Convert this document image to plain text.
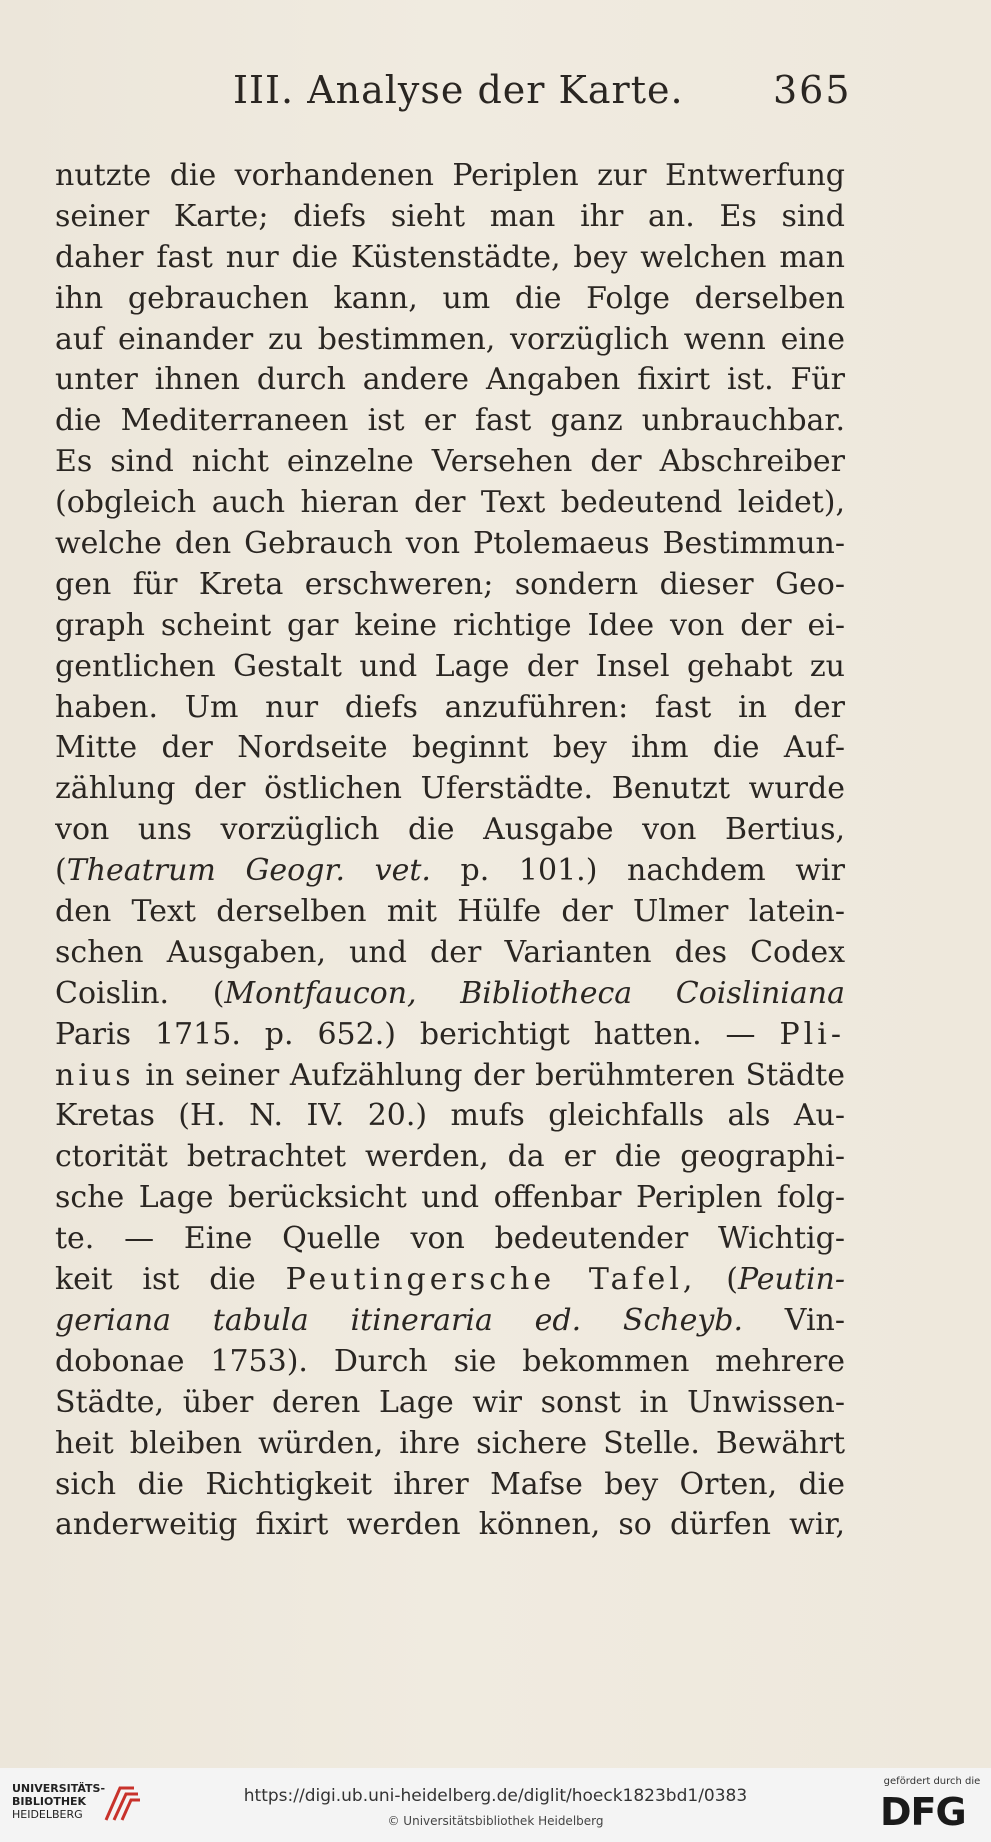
III. Analyse der Karte. 365
nutzte die vorhandenen Periplen zur Entwerfung
seiner Karte; diefs sieht man ihr an. Es sind
daher fast nur die Küstenstädte, bey welchen man
ihn gebrauchen kann, um die Folge derselben
auf einander zu bestimmen, vorzüglich wenn eine
unter ihnen durch andere Angaben fixirt ist. Für
die Mediterraneen ist er fast ganz unbrauchbar.
Es sind nicht einzelne Versehen der Abschreiber
(obgleich auch hieran der Text bedeutend leidet),
welche den Gebrauch von Ptolemaeus Bestimmun-
gen für Kreta erschweren; sondern dieser Geo-
graph scheint gar keine richtige Idee von der ei-
gentlichen Gestalt und Lage der Insel gehabt zu
haben. Um nur diefs anzuführen: fast in der
Mitte der Nordseite beginnt bey ihm die Auf-
zählung der östlichen Uferstädte. Benutzt wurde
von uns vorzüglich die Ausgabe von Bertius,
(Theatrum Geogr. vet. p. 101.) nachdem wir
den Text derselben mit Hülfe der Ulmer latein-
schen Ausgaben, und der Varianten des Codex
Coislin. (Montfaucon, Bibliotheca Coisliniana
Paris 1715. p. 652.) berichtigt hatten. — Pli-
nius in seiner Aufzählung der berühmteren Städte
Kretas (H. N. IV. 20.) mufs gleichfalls als Au-
ctorität betrachtet werden, da er die geographi-
sche Lage berücksicht und offenbar Periplen folg-
te. — Eine Quelle von bedeutender Wichtig-
keit ist die Peutingersche Tafel, (Peutin-
geriana tabula itineraria ed. Scheyb. Vin-
dobonae 1753). Durch sie bekommen mehrere
Städte, über deren Lage wir sonst in Unwissen-
heit bleiben würden, ihre sichere Stelle. Bewährt
sich die Richtigkeit ihrer Mafse bey Orten, die
anderweitig fixirt werden können, so dürfen wir,
UNIVERSITÄTS-
BIBLIOTHEK
HEIDELBERG
https://digi.ub.uni-heidelberg.de/diglit/hoeck1823bd1/0383
© Universitätsbibliothek Heidelberg
gefördert durch die
DFG
